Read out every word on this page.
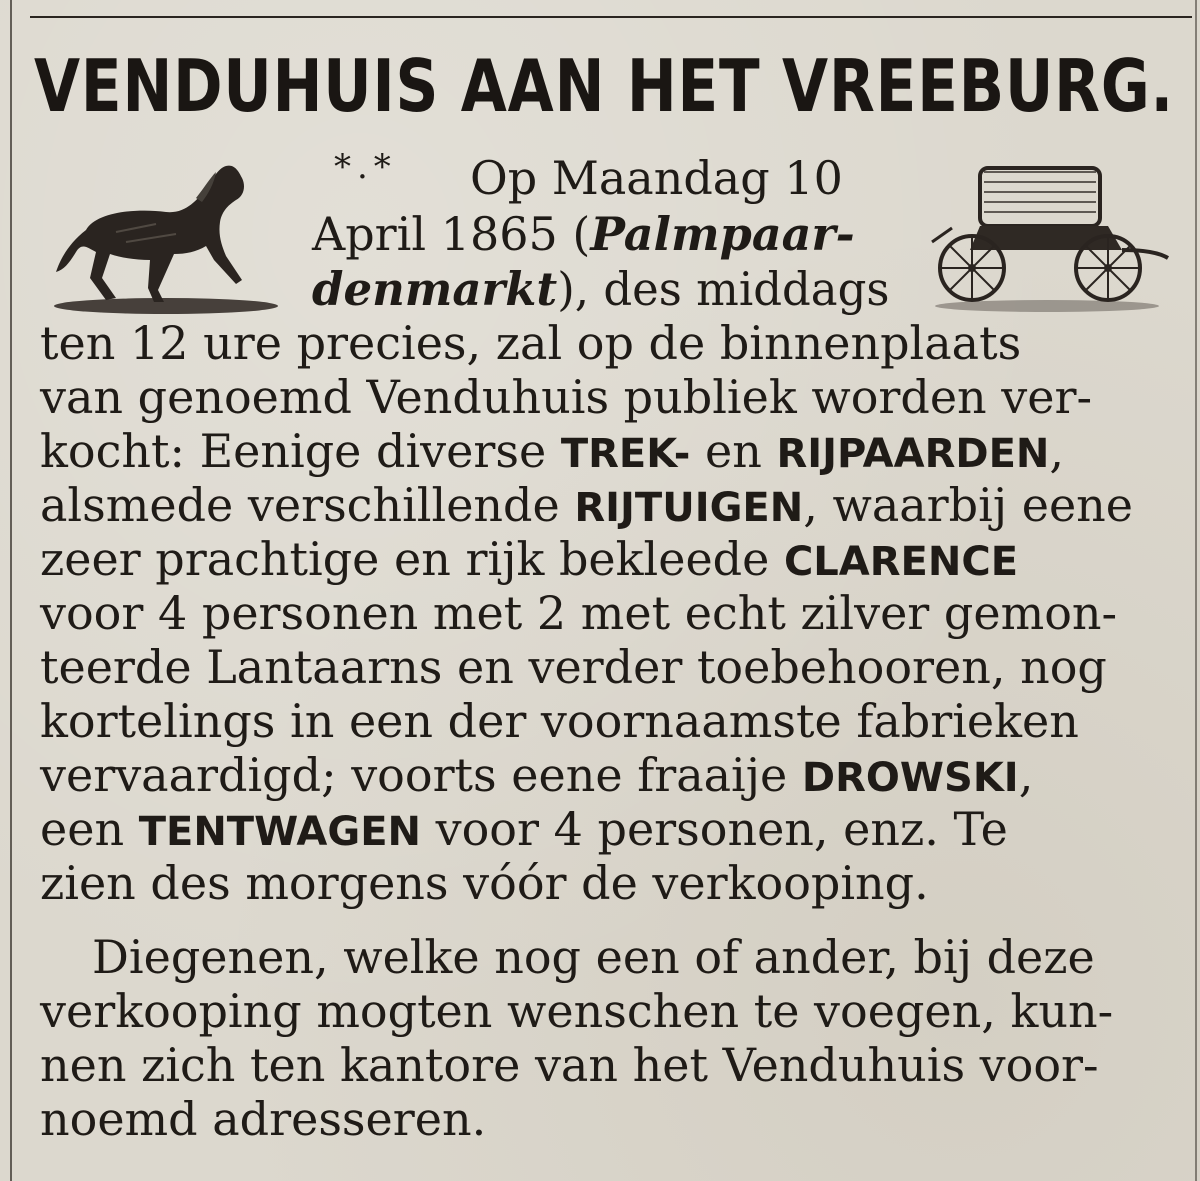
VENDUHUIS AAN HET VREEBURG.
*.* Op Maandag 10
April 1865 (Palmpaar-
denmarkt), des middags
ten 12 ure precies, zal op de binnenplaats
van genoemd Venduhuis publiek worden ver-
kocht: Eenige diverse TREK- en RIJPAARDEN,
alsmede verschillende RIJTUIGEN, waarbij eene
zeer prachtige en rijk bekleede CLARENCE
voor 4 personen met 2 met echt zilver gemon-
teerde Lantaarns en verder toebehooren, nog
kortelings in een der voornaamste fabrieken
vervaardigd; voorts eene fraaije DROWSKI,
een TENTWAGEN voor 4 personen, enz. Te
zien des morgens vóór de verkooping.
Diegenen, welke nog een of ander, bij deze
verkooping mogten wenschen te voegen, kun-
nen zich ten kantore van het Venduhuis voor-
noemd adresseren.
